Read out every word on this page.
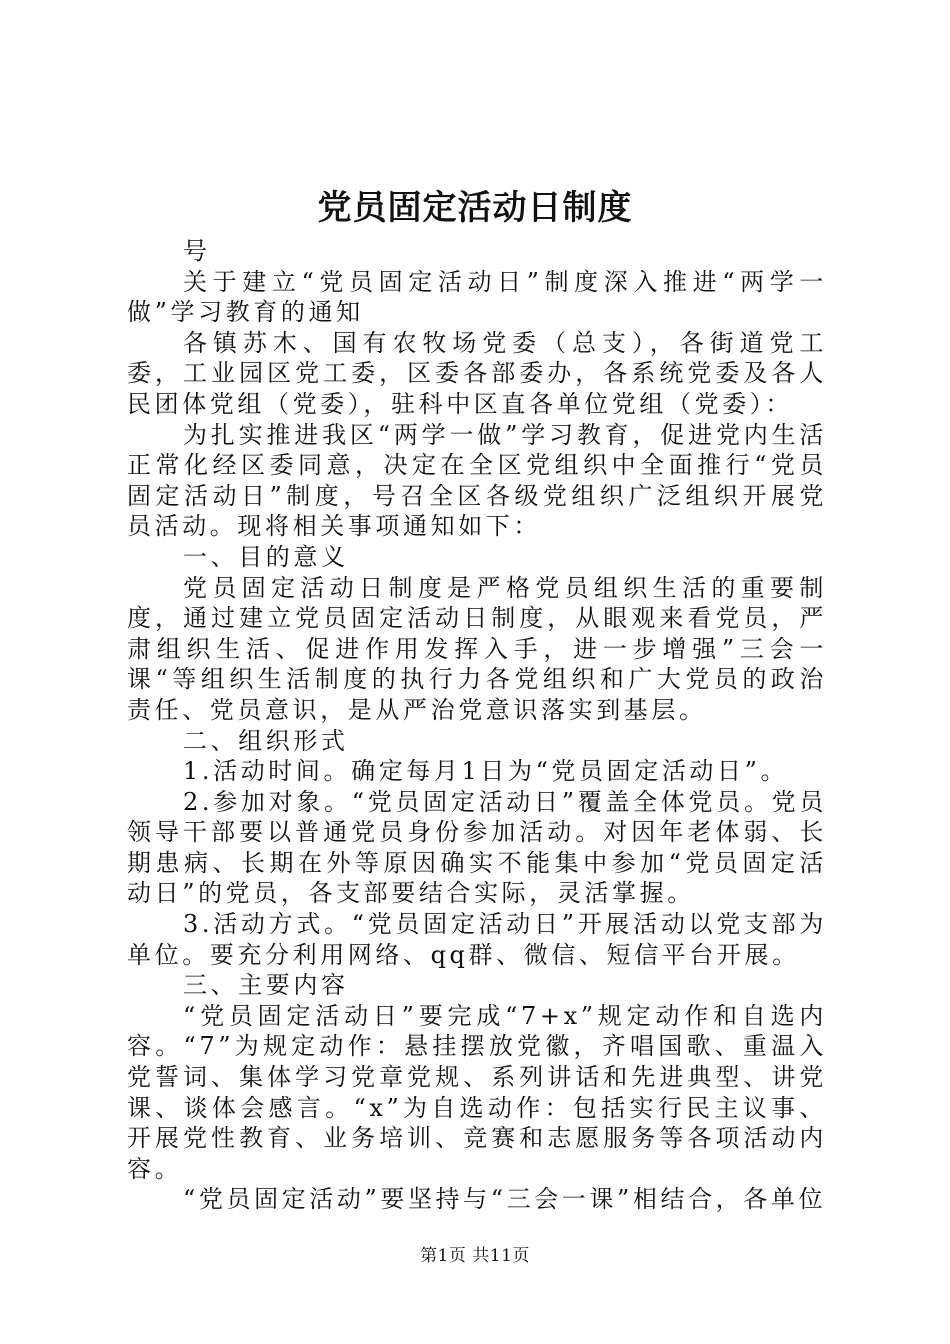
党员固定活动日制度

号

关于建立“党员固定活动日”制度深入推进“两学一做”学习教育的通知

各镇苏木、国有农牧场党委（总支），各街道党工委，工业园区党工委，区委各部委办，各系统党委及各人民团体党组（党委），驻科中区直各单位党组（党委）：

为扎实推进我区“两学一做”学习教育，促进党内生活正常化经区委同意，决定在全区党组织中全面推行“党员固定活动日”制度，号召全区各级党组织广泛组织开展党员活动。现将相关事项通知如下：

一、目的意义

党员固定活动日制度是严格党员组织生活的重要制度，通过建立党员固定活动日制度，从眼观来看党员，严肃组织生活、促进作用发挥入手，进一步增强”三会一课“等组织生活制度的执行力各党组织和广大党员的政治责任、党员意识，是从严治党意识落实到基层。

二、组织形式

1.活动时间。确定每月1日为“党员固定活动日”。

2.参加对象。“党员固定活动日”覆盖全体党员。党员领导干部要以普通党员身份参加活动。对因年老体弱、长期患病、长期在外等原因确实不能集中参加“党员固定活动日”的党员，各支部要结合实际，灵活掌握。

3.活动方式。“党员固定活动日”开展活动以党支部为单位。要充分利用网络、qq群、微信、短信平台开展。

三、主要内容

“党员固定活动日”要完成“7+x”规定动作和自选内容。“7”为规定动作：悬挂摆放党徽，齐唱国歌、重温入党誓词、集体学习党章党规、系列讲话和先进典型、讲党课、谈体会感言。“x”为自选动作：包括实行民主议事、开展党性教育、业务培训、竞赛和志愿服务等各项活动内容。

“党员固定活动”要坚持与“三会一课”相结合，各单位

第1页 共11页
